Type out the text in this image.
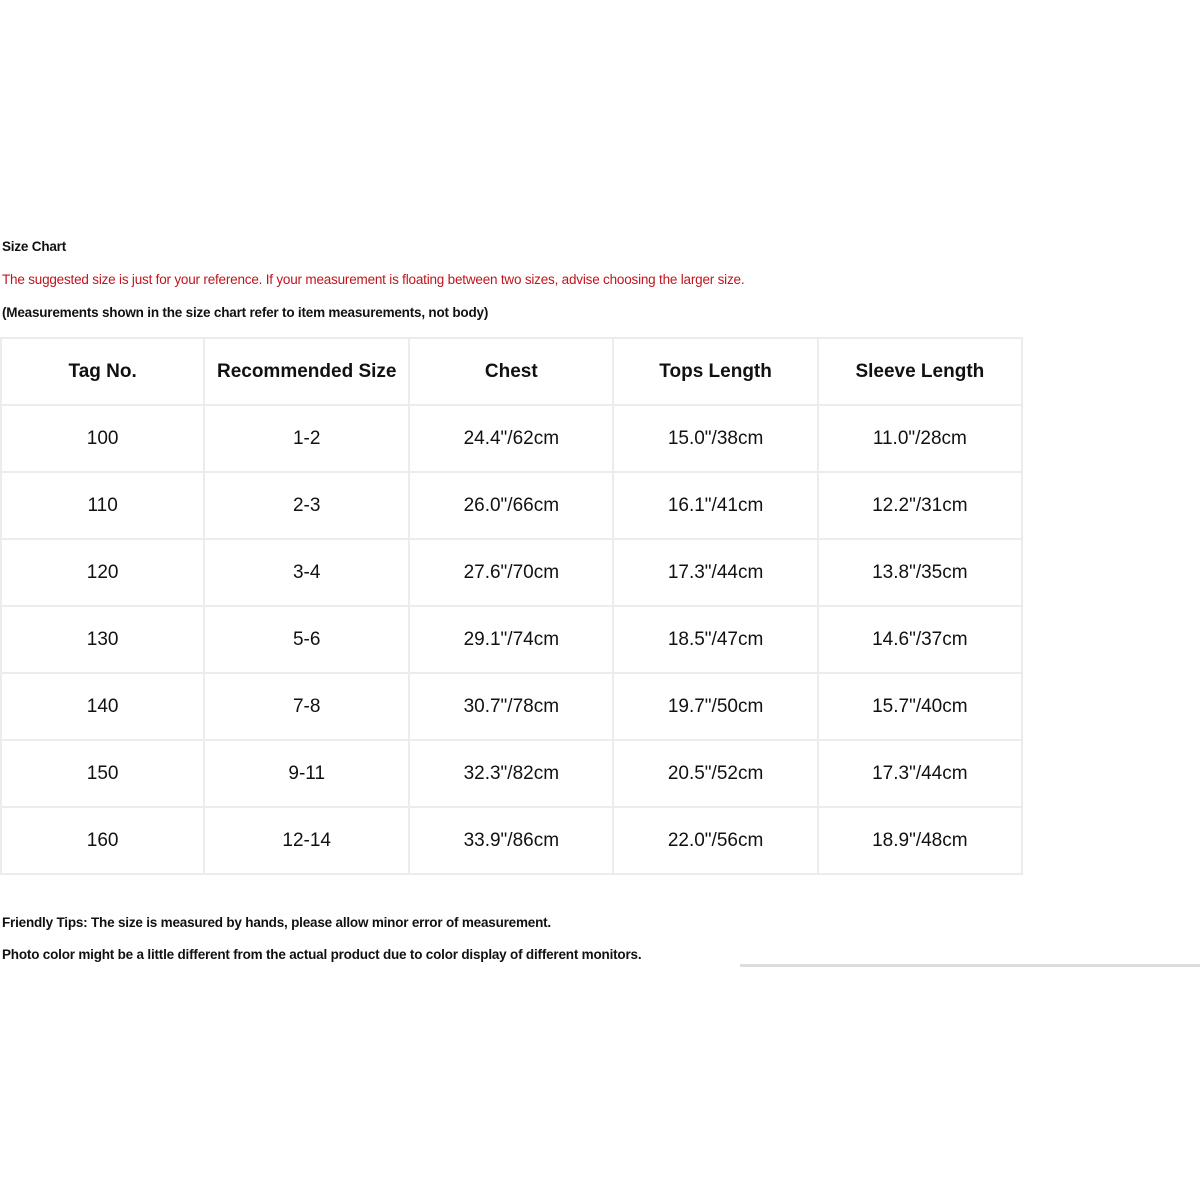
Size Chart
The suggested size is just for your reference. If your measurement is floating between two sizes, advise choosing the larger size.
(Measurements shown in the size chart refer to item measurements, not body)
Tag No.	Recommended Size	Chest	Tops Length	Sleeve Length
100	1-2	24.4"/62cm	15.0"/38cm	11.0"/28cm
110	2-3	26.0"/66cm	16.1"/41cm	12.2"/31cm
120	3-4	27.6"/70cm	17.3"/44cm	13.8"/35cm
130	5-6	29.1"/74cm	18.5"/47cm	14.6"/37cm
140	7-8	30.7"/78cm	19.7"/50cm	15.7"/40cm
150	9-11	32.3"/82cm	20.5"/52cm	17.3"/44cm
160	12-14	33.9"/86cm	22.0"/56cm	18.9"/48cm
Friendly Tips: The size is measured by hands, please allow minor error of measurement.
Photo color might be a little different from the actual product due to color display of different monitors.
